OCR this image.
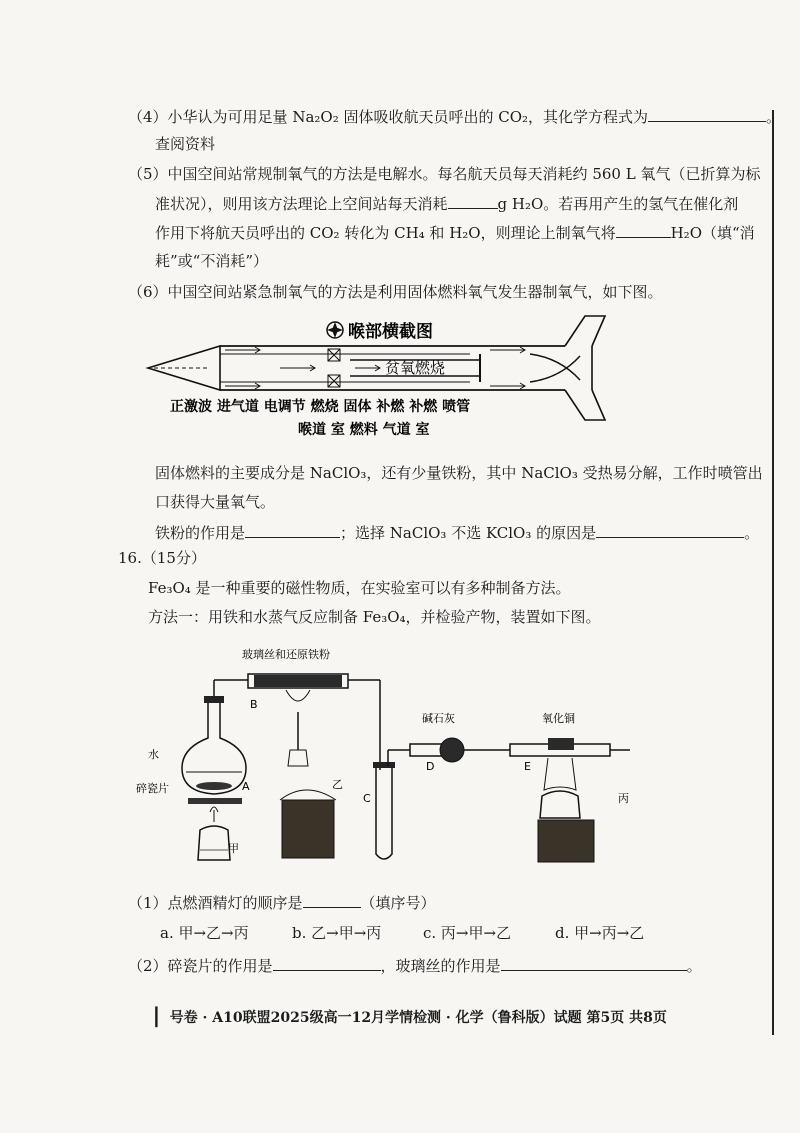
（4）小华认为可用足量 Na₂O₂ 固体吸收航天员呼出的 CO₂，其化学方程式为	。
查阅资料
（5）中国空间站常规制氧气的方法是电解水。每名航天员每天消耗约 560 L 氧气（已折算为标
准状况），则用该方法理论上空间站每天消耗	g H₂O。若再用产生的氢气在催化剂
作用下将航天员呼出的 CO₂ 转化为 CH₄ 和 H₂O，则理论上制氧气将	H₂O（填“消
耗”或“不消耗”）
（6）中国空间站紧急制氧气的方法是利用固体燃料氧气发生器制氧气，如下图。
喉部横截图
贫氧燃烧
正激波 进气道 电调节 燃烧 固体 补燃 补燃 喷管
喉道 室 燃料 气道 室
固体燃料的主要成分是 NaClO₃，还有少量铁粉，其中 NaClO₃ 受热易分解，工作时喷管出
口获得大量氧气。
铁粉的作用是	；选择 NaClO₃ 不选 KClO₃ 的原因是	。
16.（15分）
Fe₃O₄ 是一种重要的磁性物质，在实验室可以有多种制备方法。
方法一：用铁和水蒸气反应制备 Fe₃O₄，并检验产物，装置如下图。
玻璃丝和还原铁粉
碱石灰	氧化铜
水
碎瓷片
B
A
C
D	E
甲
乙
丙
（1）点燃酒精灯的顺序是	（填序号）
a. 甲→乙→丙	b. 乙→甲→丙	c. 丙→甲→乙	d. 甲→丙→乙
（2）碎瓷片的作用是	，玻璃丝的作用是	。
❘ 号卷 · A10联盟2025级高一12月学情检测 · 化学（鲁科版）试题 第5页 共8页
